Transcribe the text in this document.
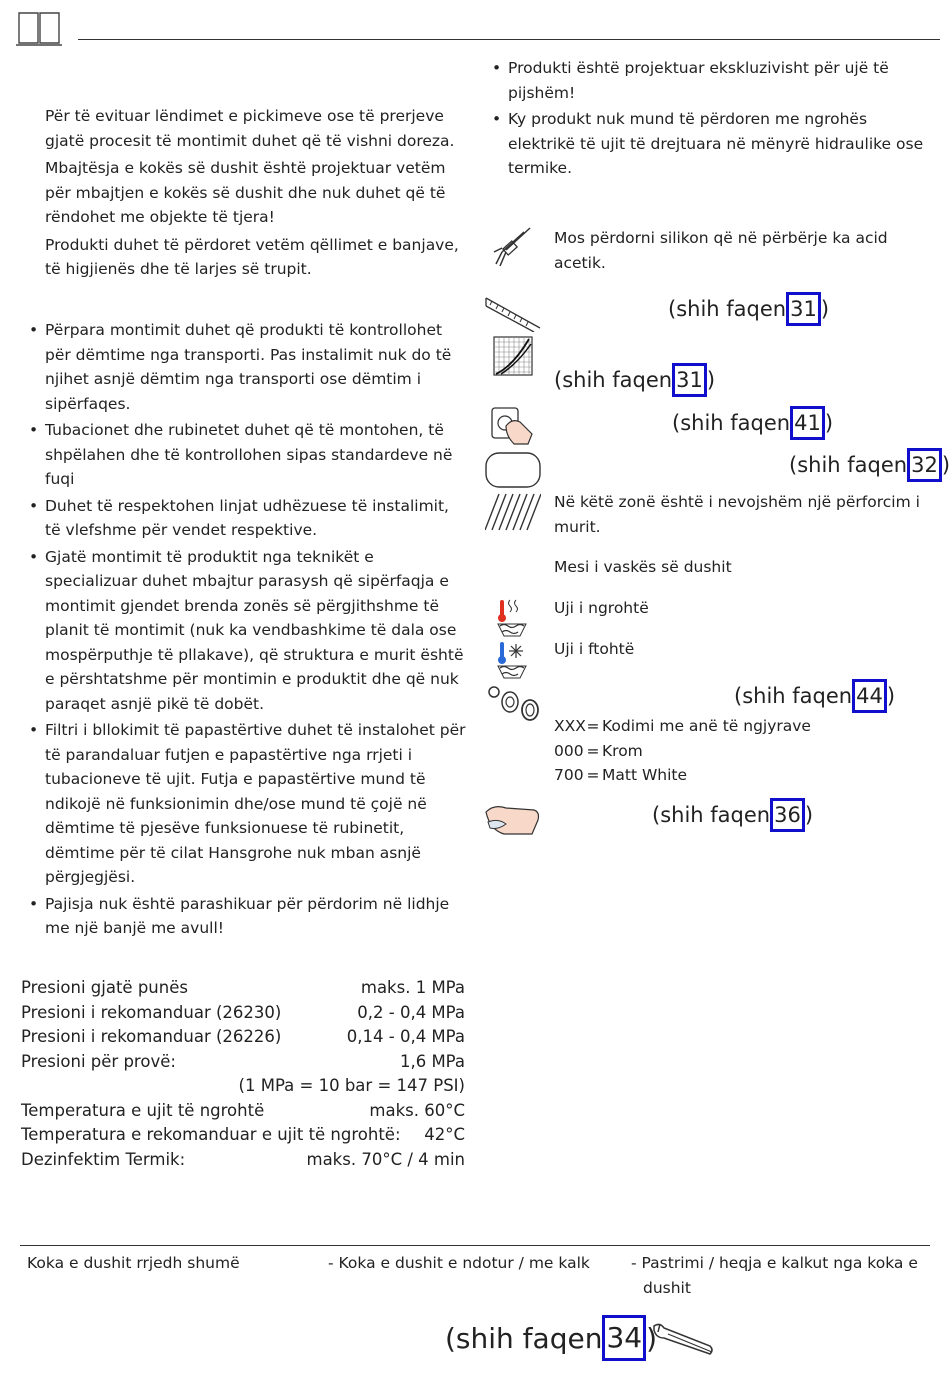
Për të evituar lëndimet e pickimeve ose të prerjeve gjatë procesit të montimit duhet që të vishni doreza.

Mbajtësja e kokës së dushit është projektuar vetëm për mbajtjen e kokës së dushit dhe nuk duhet që të rëndohet me objekte të tjera!

Produkti duhet të përdoret vetëm qëllimet e banjave, të higjienës dhe të larjes së trupit.

• Përpara montimit duhet që produkti të kontrollohet për dëmtime nga transporti. Pas instalimit nuk do të njihet asnjë dëmtim nga transporti ose dëmtim i sipërfaqes.
• Tubacionet dhe rubinetet duhet që të montohen, të shpëlahen dhe të kontrollohen sipas standardeve në fuqi
• Duhet të respektohen linjat udhëzuese të instalimit, të vlefshme për vendet respektive.
• Gjatë montimit të produktit nga teknikët e specializuar duhet mbajtur parasysh që sipërfaqja e montimit gjendet brenda zonës së përgjithshme të planit të montimit (nuk ka vendbashkime të dala ose mospërputhje të pllakave), që struktura e murit është e përshtatshme për montimin e produktit dhe që nuk paraqet asnjë pikë të dobët.
• Filtri i bllokimit të papastërtive duhet të instalohet për të parandaluar futjen e papastërtive nga rrjeti i tubacioneve të ujit. Futja e papastërtive mund të ndikojë në funksionimin dhe/ose mund të çojë në dëmtime të pjesëve funksionuese të rubinetit, dëmtime për të cilat Hansgrohe nuk mban asnjë përgjegjësi.
• Pajisja nuk është parashikuar për përdorim në lidhje me një banjë me avull!
Presioni gjatë punës	maks. 1 MPa
Presioni i rekomanduar (26230)	0,2 - 0,4 MPa
Presioni i rekomanduar (26226)	0,14 - 0,4 MPa
Presioni për provë:	1,6 MPa
(1 MPa = 10 bar = 147 PSI)
Temperatura e ujit të ngrohtë	maks. 60°C
Temperatura e rekomanduar e ujit të ngrohtë: 42°C
Dezinfektim Termik:	maks. 70°C / 4 min
• Produkti është projektuar ekskluzivisht për ujë të pijshëm!
• Ky produkt nuk mund të përdoren me ngrohës elektrikë të ujit të drejtuara në mënyrë hidraulike ose termike.
Mos përdorni silikon që në përbërje ka acid acetik.
(shih faqen 31 )
(shih faqen 31 )
(shih faqen 41 )
(shih faqen 32 )
Në këtë zonë është i nevojshëm një përforcim i murit.
Mesi i vaskës së dushit
Uji i ngrohtë
Uji i ftohtë
(shih faqen 44 )
XXX = Kodimi me anë të ngjyrave
000 = Krom
700 = Matt White
(shih faqen 36 )
Koka e dushit rrjedh shumë	- Koka e dushit e ndotur / me kalk	- Pastrimi / heqja e kalkut nga koka e dushit
(shih faqen 34 )
